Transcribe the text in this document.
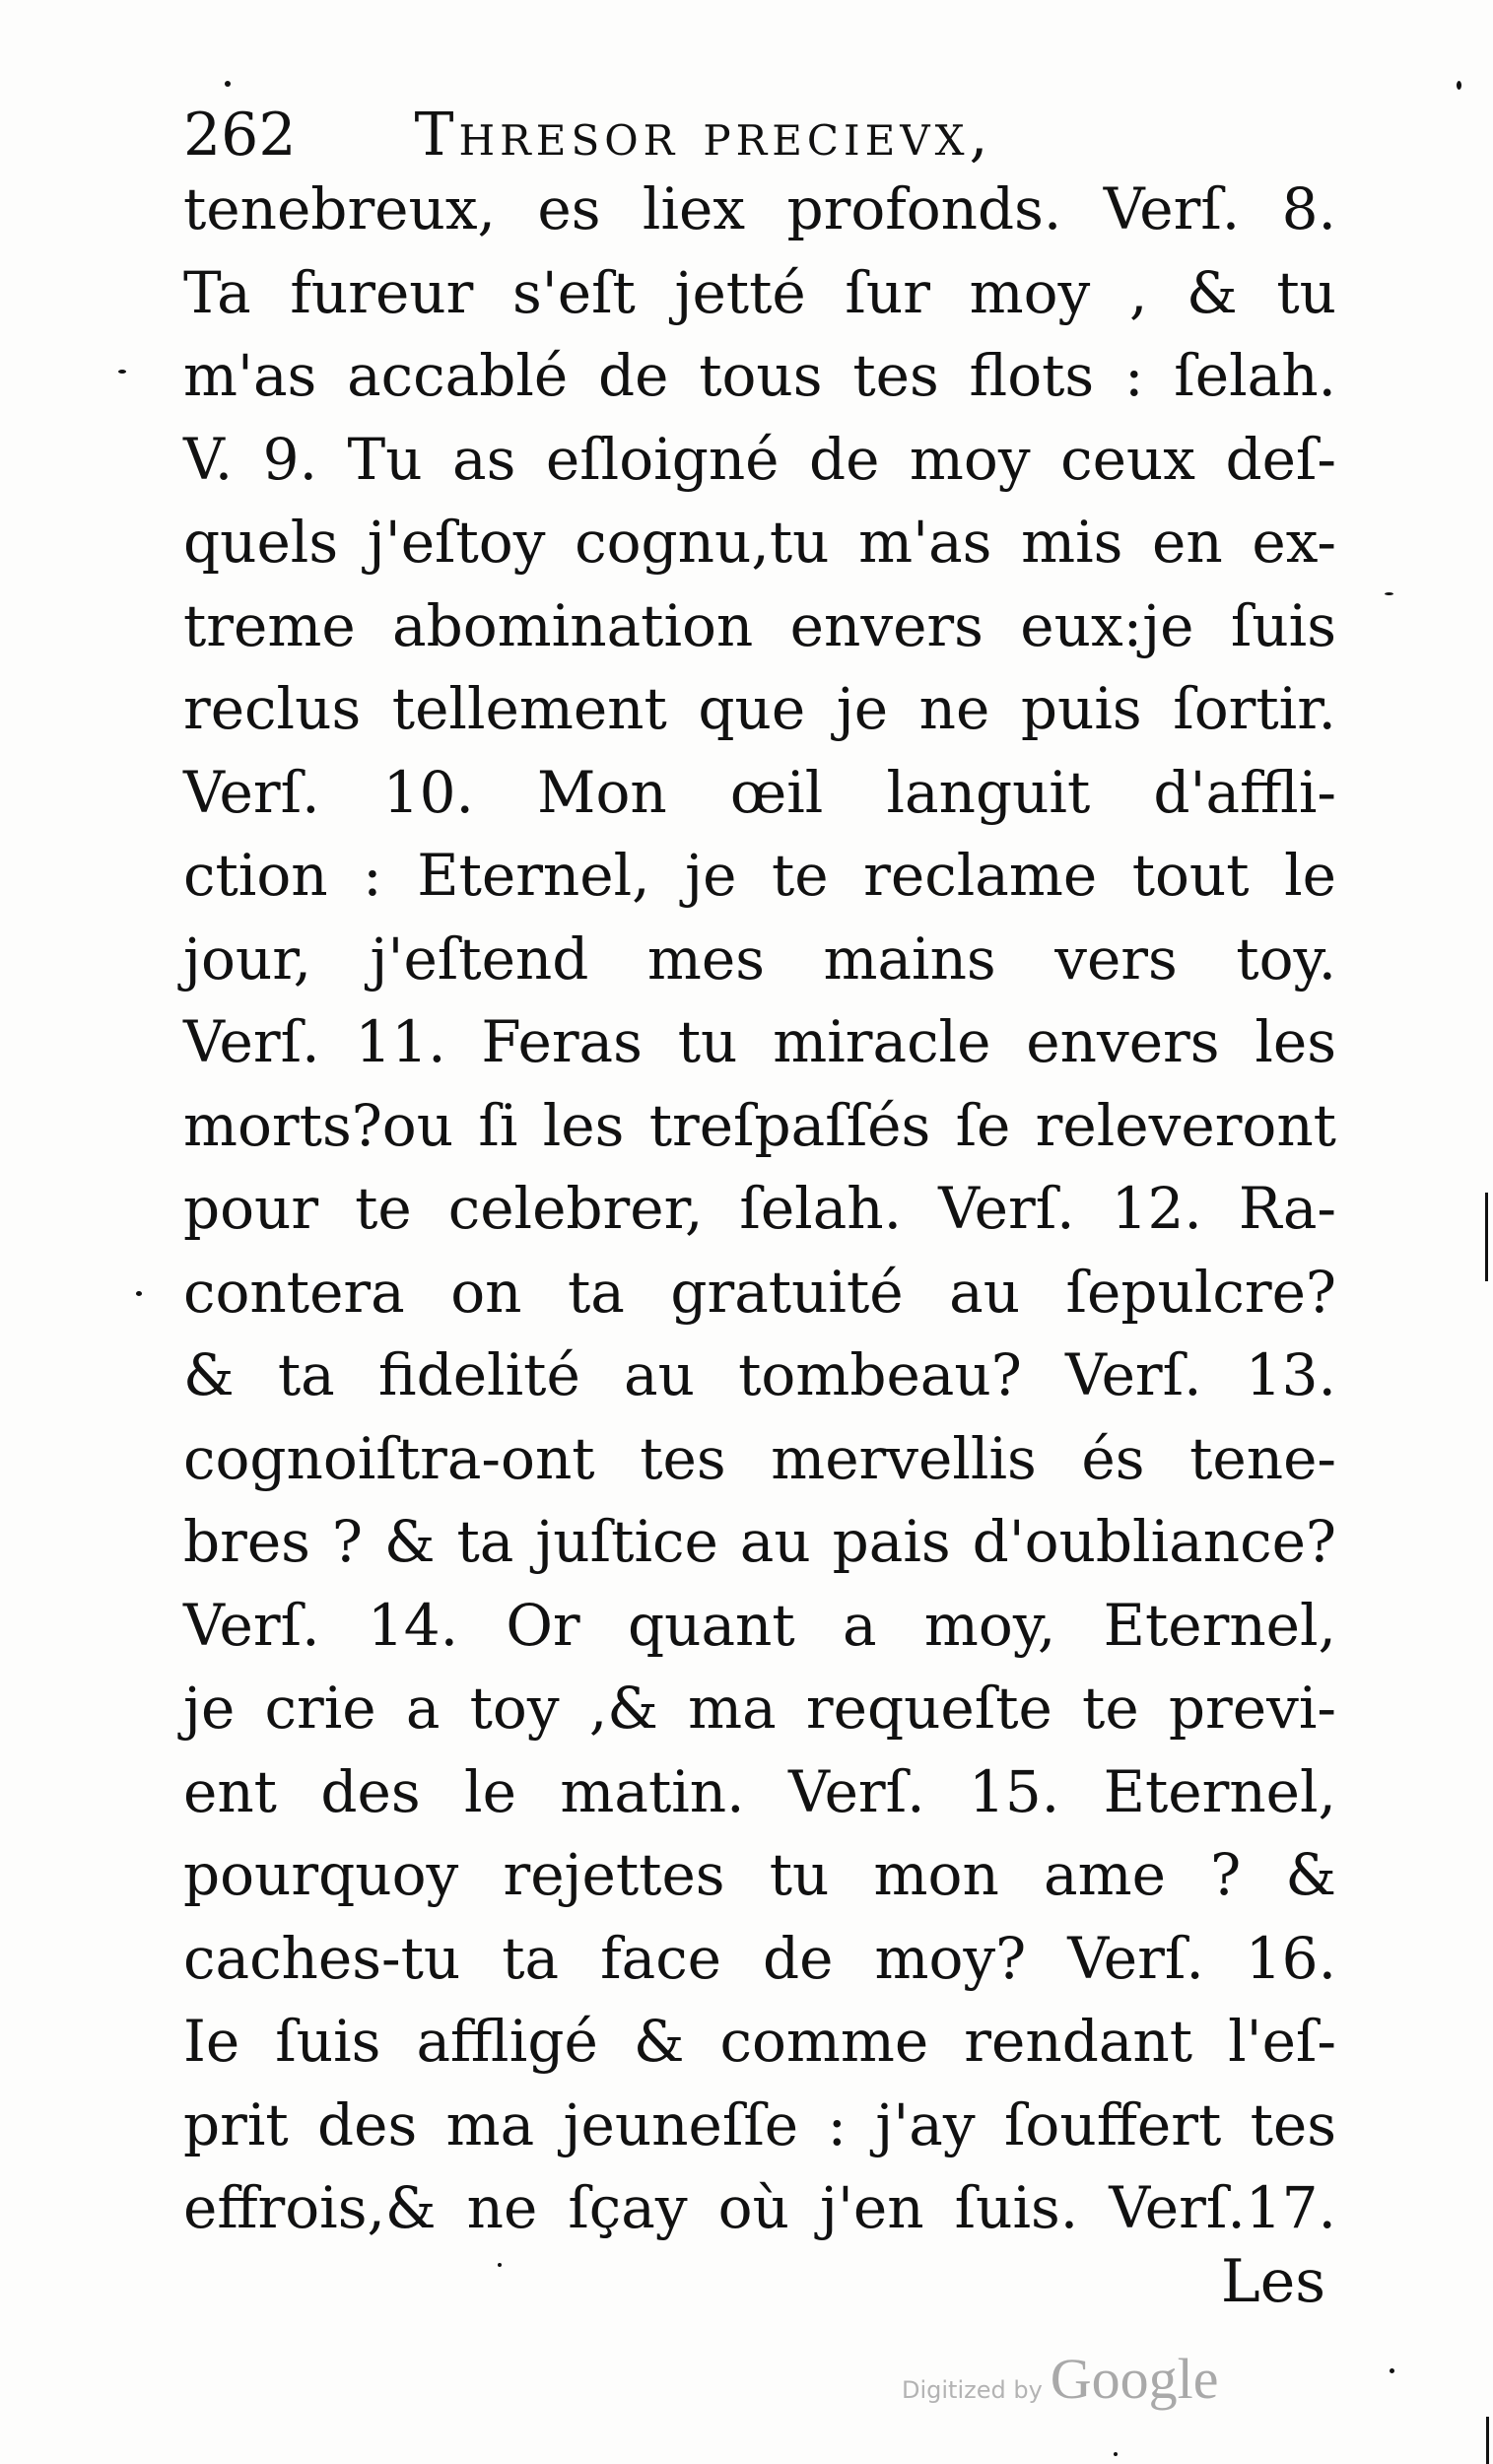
262 Thresor precievx,
tenebreux, es liex profonds. Verſ. 8.
Ta fureur s'eſt jetté ſur moy , & tu
m'as accablé de tous tes flots : ſelah.
V. 9. Tu as eſloigné de moy ceux deſ-
quels j'eſtoy cognu,tu m'as mis en ex-
treme abomination envers eux:je ſuis
reclus tellement que je ne puis ſortir.
Verſ. 10. Mon œil languit d'affli-
ction : Eternel, je te reclame tout le
jour, j'eſtend mes mains vers toy.
Verſ. 11. Feras tu miracle envers les
morts?ou ſi les treſpaſſés ſe releveront
pour te celebrer, ſelah. Verſ. 12. Ra-
contera on ta gratuité au ſepulcre?
& ta fidelité au tombeau? Verſ. 13.
cognoiſtra-ont tes mervellis és tene-
bres ? & ta juſtice au pais d'oubliance?
Verſ. 14. Or quant a moy, Eternel,
je crie a toy ,& ma requeſte te previ-
ent des le matin. Verſ. 15. Eternel,
pourquoy rejettes tu mon ame ? &
caches-tu ta face de moy? Verſ. 16.
Ie ſuis affligé & comme rendant l'eſ-
prit des ma jeuneſſe : j'ay ſouffert tes
effrois,& ne ſçay où j'en ſuis. Verſ.17.
Les
Digitized by Google
